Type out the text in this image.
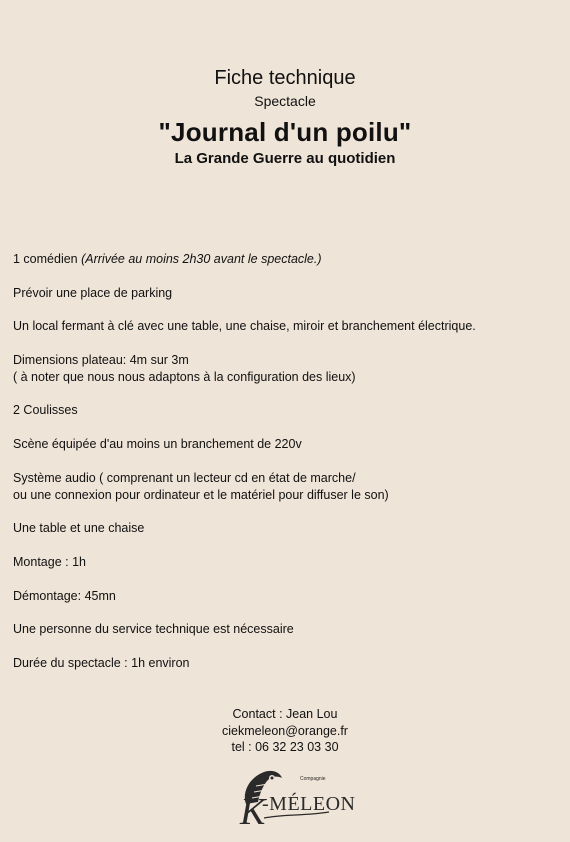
Fiche technique
Spectacle
"Journal d'un poilu"
La Grande Guerre au quotidien
1 comédien (Arrivée au moins 2h30 avant le spectacle.)
Prévoir une place de parking
Un local fermant à clé avec une table, une chaise, miroir et branchement électrique.
Dimensions plateau: 4m sur 3m
( à noter que nous nous adaptons à la configuration des lieux)
2 Coulisses
Scène équipée d'au moins un branchement de 220v
Système audio ( comprenant un lecteur cd en état de marche/
ou une connexion pour ordinateur et le matériel pour diffuser le son)
Une table et une chaise
Montage : 1h
Démontage: 45mn
Une personne du service technique est nécessaire
Durée du spectacle : 1h environ
Contact : Jean Lou
ciekmeleon@orange.fr
tel : 06 32 23 03 30
K
-MÉLEON
Compagnie
